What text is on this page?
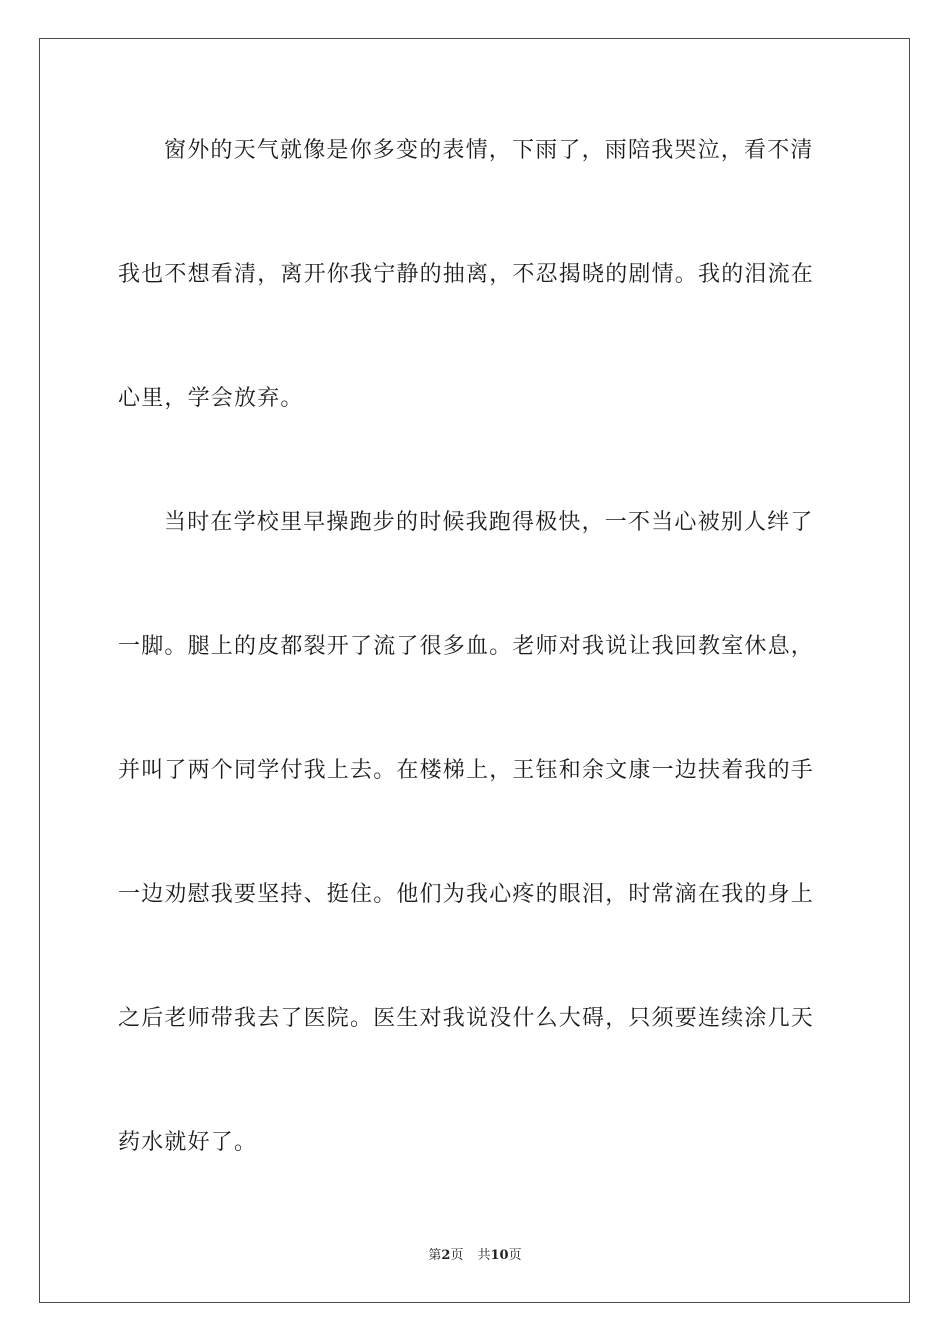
窗外的天气就像是你多变的表情，下雨了，雨陪我哭泣，看不清
我也不想看清，离开你我宁静的抽离，不忍揭晓的剧情。我的泪流在
心里，学会放弃。
当时在学校里早操跑步的时候我跑得极快，一不当心被别人绊了
一脚。腿上的皮都裂开了流了很多血。老师对我说让我回教室休息，
并叫了两个同学付我上去。在楼梯上，王钰和余文康一边扶着我的手
一边劝慰我要坚持、挺住。他们为我心疼的眼泪，时常滴在我的身上
之后老师带我去了医院。医生对我说没什么大碍，只须要连续涂几天
药水就好了。
第2页 共10页
